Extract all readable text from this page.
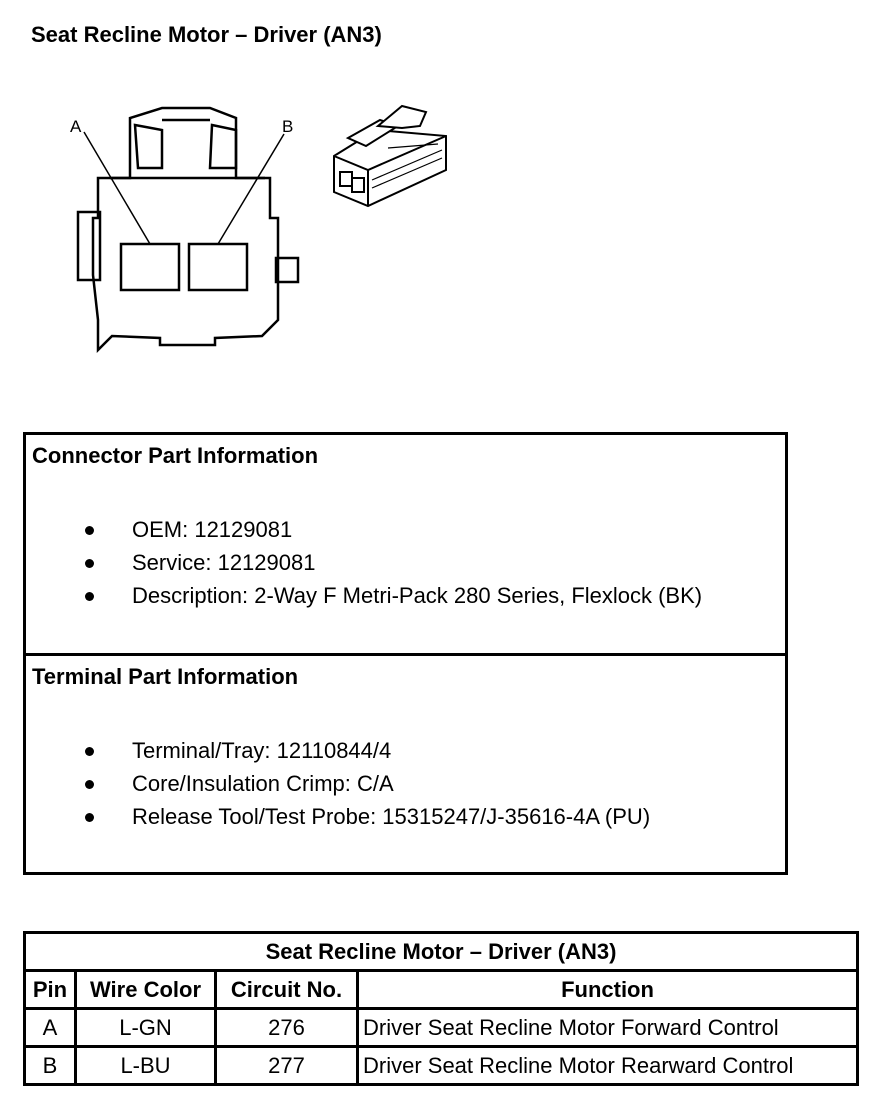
Seat Recline Motor – Driver (AN3)
A	B
Connector Part Information
OEM: 12129081
Service: 12129081
Description: 2-Way F Metri-Pack 280 Series, Flexlock (BK)
Terminal Part Information
Terminal/Tray: 12110844/4
Core/Insulation Crimp: C/A
Release Tool/Test Probe: 15315247/J-35616-4A (PU)
Seat Recline Motor – Driver (AN3)			
Pin	Wire Color	Circuit No.	Function
A	L-GN	276	Driver Seat Recline Motor Forward Control
B	L-BU	277	Driver Seat Recline Motor Rearward Control
